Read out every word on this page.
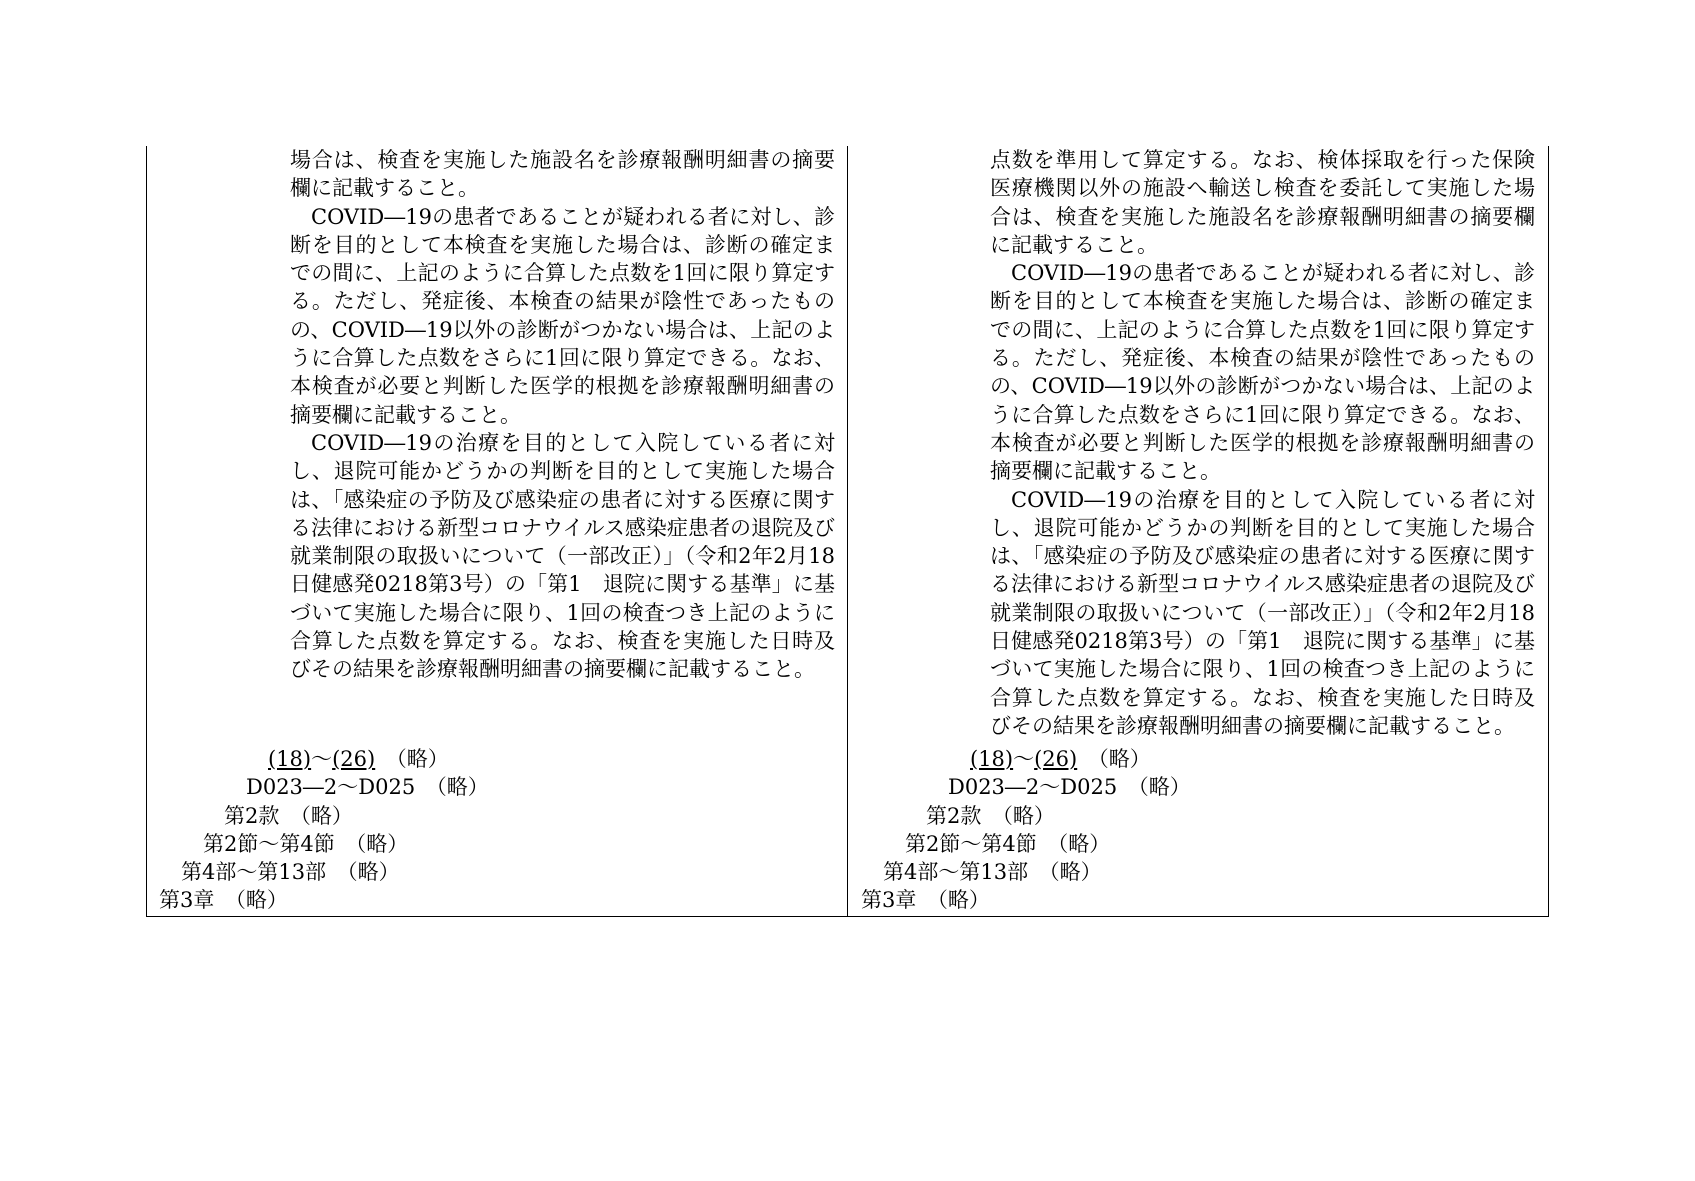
場合は、検査を実施した施設名を診療報酬明細書の摘要欄に記載すること。

COVID―19の患者であることが疑われる者に対し、診断を目的として本検査を実施した場合は、診断の確定までの間に、上記のように合算した点数を1回に限り算定する。ただし、発症後、本検査の結果が陰性であったものの、COVID―19以外の診断がつかない場合は、上記のように合算した点数をさらに1回に限り算定できる。なお、本検査が必要と判断した医学的根拠を診療報酬明細書の摘要欄に記載すること。

COVID―19の治療を目的として入院している者に対し、退院可能かどうかの判断を目的として実施した場合は、「感染症の予防及び感染症の患者に対する医療に関する法律における新型コロナウイルス感染症患者の退院及び就業制限の取扱いについて（一部改正）」（令和2年2月18日健感発0218第3号）の「第1　退院に関する基準」に基づいて実施した場合に限り、1回の検査つき上記のように合算した点数を算定する。なお、検査を実施した日時及びその結果を診療報酬明細書の摘要欄に記載すること。

(18)～(26)　（略）
D023―2～D025　（略）
第2款　（略）
第2節～第4節　（略）
第4部～第13部　（略）
第3章　（略）

点数を準用して算定する。なお、検体採取を行った保険医療機関以外の施設へ輸送し検査を委託して実施した場合は、検査を実施した施設名を診療報酬明細書の摘要欄に記載すること。

COVID―19の患者であることが疑われる者に対し、診断を目的として本検査を実施した場合は、診断の確定までの間に、上記のように合算した点数を1回に限り算定する。ただし、発症後、本検査の結果が陰性であったものの、COVID―19以外の診断がつかない場合は、上記のように合算した点数をさらに1回に限り算定できる。なお、本検査が必要と判断した医学的根拠を診療報酬明細書の摘要欄に記載すること。

COVID―19の治療を目的として入院している者に対し、退院可能かどうかの判断を目的として実施した場合は、「感染症の予防及び感染症の患者に対する医療に関する法律における新型コロナウイルス感染症患者の退院及び就業制限の取扱いについて（一部改正）」（令和2年2月18日健感発0218第3号）の「第1　退院に関する基準」に基づいて実施した場合に限り、1回の検査つき上記のように合算した点数を算定する。なお、検査を実施した日時及びその結果を診療報酬明細書の摘要欄に記載すること。

(18)～(26)　（略）
D023―2～D025　（略）
第2款　（略）
第2節～第4節　（略）
第4部～第13部　（略）
第3章　（略）
